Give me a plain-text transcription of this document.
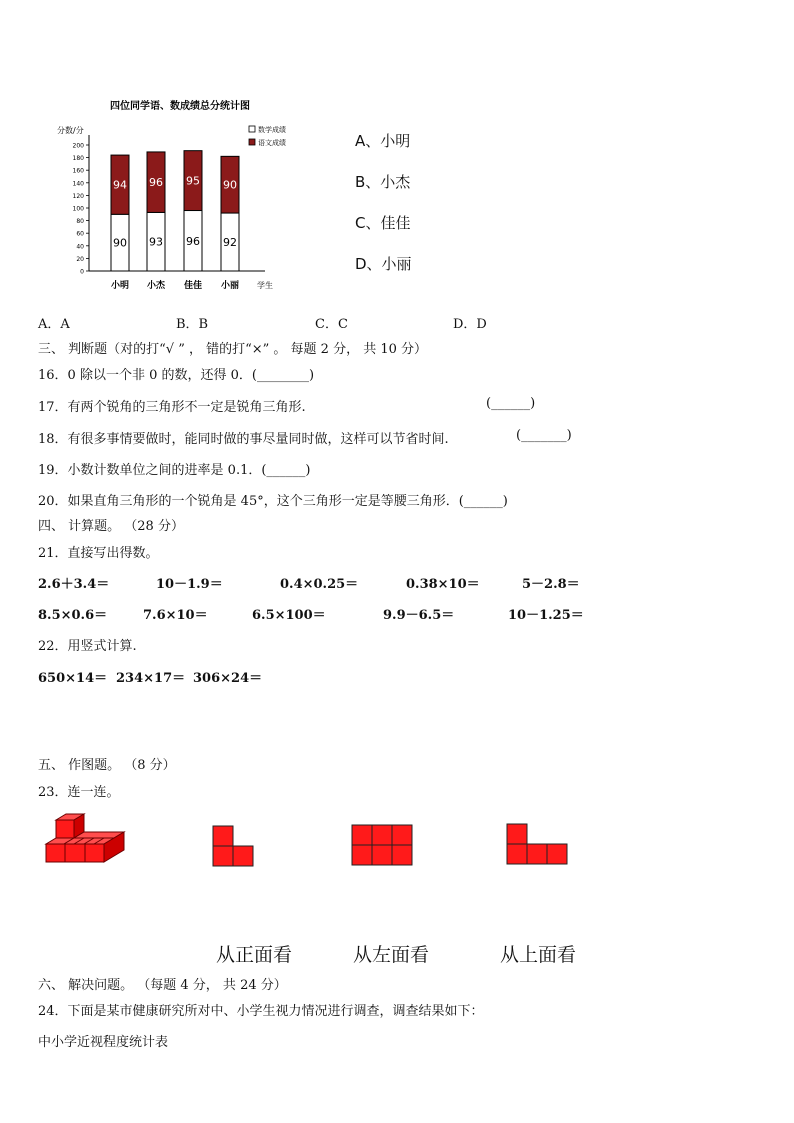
四位同学语、数成绩总分统计图
分数/分
学生
0
20
40
60
80
100
120
140
160
180
200
90
94
小明
93
96
小杰
96
95
佳佳
92
90
小丽
数学成绩
语文成绩	A、小明
B、小杰
C、佳佳
D、小丽
A．A	B．B	C．C	D．D
三、 判断题（对的打“√ ” ， 错的打“×” 。 每题 2 分， 共 10 分）
16．0 除以一个非 0 的数，还得 0．(________)
17．有两个锐角的三角形不一定是锐角三角形.	(______)
18．有很多事情要做时，能同时做的事尽量同时做，这样可以节省时间.	(_______)
19．小数计数单位之间的进率是 0.1．(______)
20．如果直角三角形的一个锐角是 45°，这个三角形一定是等腰三角形．(______)
四、 计算题。 （28 分）
21．直接写出得数。
2.6＋3.4＝	10－1.9＝	0.4×0.25＝	0.38×10＝	5－2.8＝
8.5×0.6＝	7.6×10＝	6.5×100＝	9.9－6.5＝	10－1.25＝
22．用竖式计算.
650×14＝ 234×17＝ 306×24＝
五、 作图题。 （8 分）
23．连一连。
从正面看	从左面看	从上面看
六、 解决问题。 （每题 4 分， 共 24 分）
24．下面是某市健康研究所对中、小学生视力情况进行调查，调查结果如下：
中小学近视程度统计表
